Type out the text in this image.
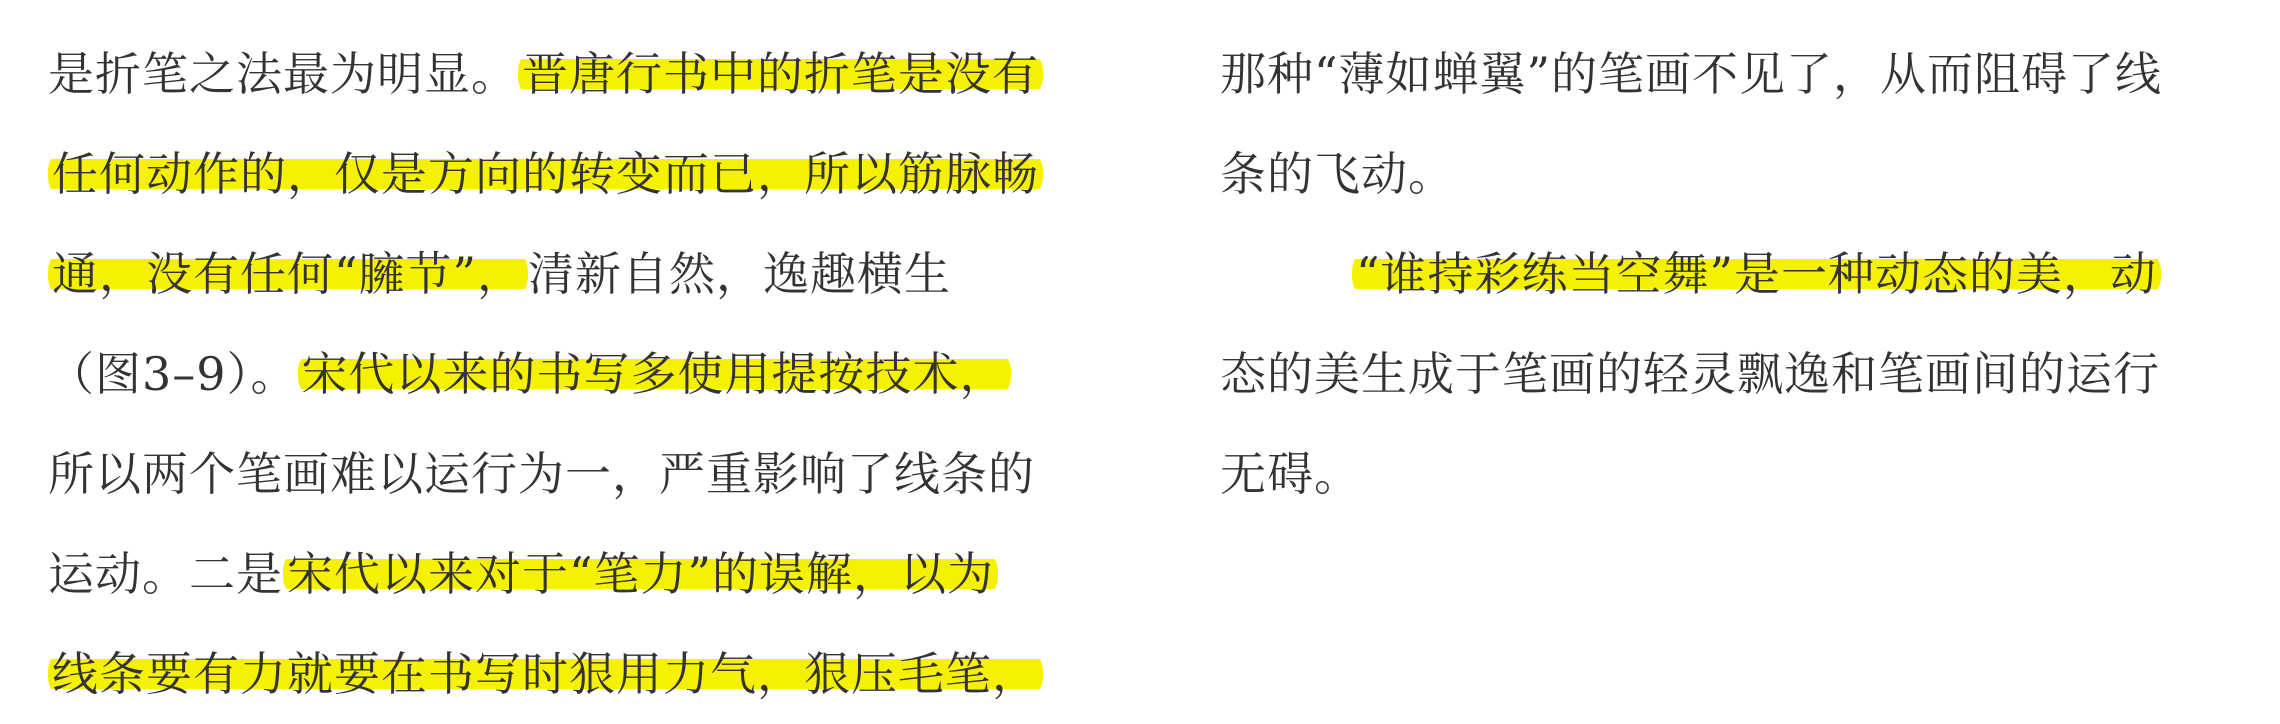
是折笔之法最为明显。晋唐行书中的折笔是没有
任何动作的，仅是方向的转变而已，所以筋脉畅
通，没有任何“臃节”，清新自然，逸趣横生
（图3–9）。宋代以来的书写多使用提按技术，
所以两个笔画难以运行为一，严重影响了线条的
运动。二是宋代以来对于“笔力”的误解，以为
线条要有力就要在书写时狠用力气，狠压毛笔，
那种“薄如蝉翼”的笔画不见了，从而阻碍了线
条的飞动。
“谁持彩练当空舞”是一种动态的美，动
态的美生成于笔画的轻灵飘逸和笔画间的运行
无碍。
